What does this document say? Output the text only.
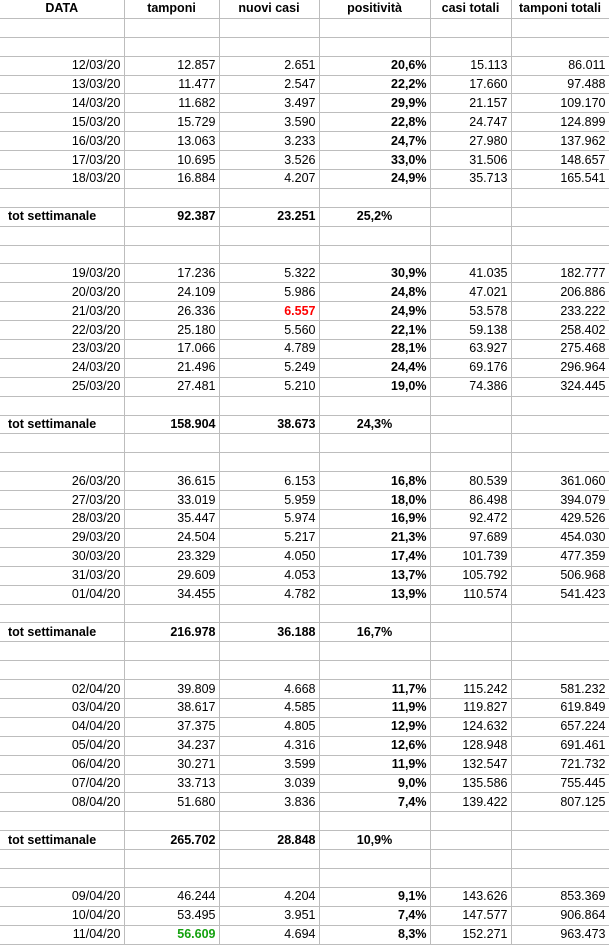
DATA	tamponi	nuovi casi	positività	casi totali	tamponi totali

12/03/20	12.857	2.651	20,6%	15.113	86.011
13/03/20	11.477	2.547	22,2%	17.660	97.488
14/03/20	11.682	3.497	29,9%	21.157	109.170
15/03/20	15.729	3.590	22,8%	24.747	124.899
16/03/20	13.063	3.233	24,7%	27.980	137.962
17/03/20	10.695	3.526	33,0%	31.506	148.657
18/03/20	16.884	4.207	24,9%	35.713	165.541

tot settimanale	92.387	23.251	25,2%		

19/03/20	17.236	5.322	30,9%	41.035	182.777
20/03/20	24.109	5.986	24,8%	47.021	206.886
21/03/20	26.336	6.557	24,9%	53.578	233.222
22/03/20	25.180	5.560	22,1%	59.138	258.402
23/03/20	17.066	4.789	28,1%	63.927	275.468
24/03/20	21.496	5.249	24,4%	69.176	296.964
25/03/20	27.481	5.210	19,0%	74.386	324.445

tot settimanale	158.904	38.673	24,3%		

26/03/20	36.615	6.153	16,8%	80.539	361.060
27/03/20	33.019	5.959	18,0%	86.498	394.079
28/03/20	35.447	5.974	16,9%	92.472	429.526
29/03/20	24.504	5.217	21,3%	97.689	454.030
30/03/20	23.329	4.050	17,4%	101.739	477.359
31/03/20	29.609	4.053	13,7%	105.792	506.968
01/04/20	34.455	4.782	13,9%	110.574	541.423

tot settimanale	216.978	36.188	16,7%		

02/04/20	39.809	4.668	11,7%	115.242	581.232
03/04/20	38.617	4.585	11,9%	119.827	619.849
04/04/20	37.375	4.805	12,9%	124.632	657.224
05/04/20	34.237	4.316	12,6%	128.948	691.461
06/04/20	30.271	3.599	11,9%	132.547	721.732
07/04/20	33.713	3.039	9,0%	135.586	755.445
08/04/20	51.680	3.836	7,4%	139.422	807.125

tot settimanale	265.702	28.848	10,9%		

09/04/20	46.244	4.204	9,1%	143.626	853.369
10/04/20	53.495	3.951	7,4%	147.577	906.864
11/04/20	56.609	4.694	8,3%	152.271	963.473
